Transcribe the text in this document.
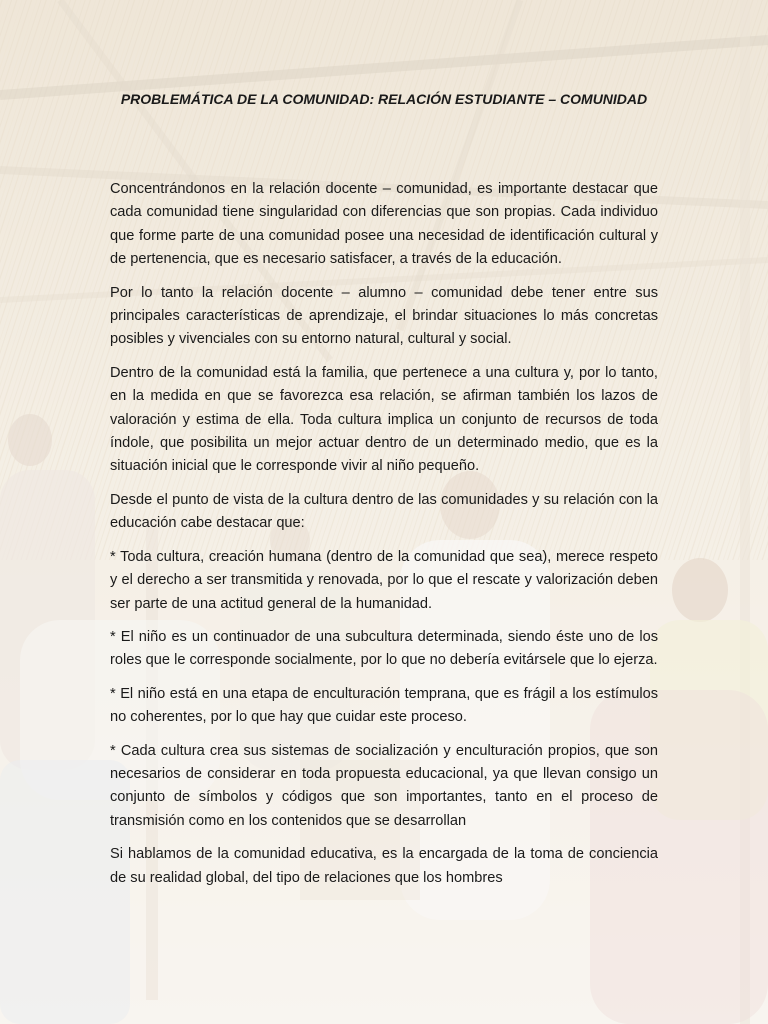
PROBLEMÁTICA DE LA COMUNIDAD: RELACIÓN ESTUDIANTE – COMUNIDAD

Concentrándonos en la relación docente – comunidad, es importante destacar que cada comunidad tiene singularidad con diferencias que son propias. Cada individuo que forme parte de una comunidad posee una necesidad de identificación cultural y de pertenencia, que es necesario satisfacer, a través de la educación.

Por lo tanto la relación docente – alumno – comunidad debe tener entre sus principales características de aprendizaje, el brindar situaciones lo más concretas posibles y vivenciales con su entorno natural, cultural y social.

Dentro de la comunidad está la familia, que pertenece a una cultura y, por lo tanto, en la medida en que se favorezca esa relación, se afirman también los lazos de valoración y estima de ella. Toda cultura implica un conjunto de recursos de toda índole, que posibilita un mejor actuar dentro de un determinado medio, que es la situación inicial que le corresponde vivir al niño pequeño.

Desde el punto de vista de la cultura dentro de las comunidades y su relación con la educación cabe destacar que:

* Toda cultura, creación humana (dentro de la comunidad que sea), merece respeto y el derecho a ser transmitida y renovada, por lo que el rescate y valorización deben ser parte de una actitud general de la humanidad.

* El niño es un continuador de una subcultura determinada, siendo éste uno de los roles que le corresponde socialmente, por lo que no debería evitársele que lo ejerza.

* El niño está en una etapa de enculturación temprana, que es frágil a los estímulos no coherentes, por lo que hay que cuidar este proceso.

* Cada cultura crea sus sistemas de socialización y enculturación propios, que son necesarios de considerar en toda propuesta educacional, ya que llevan consigo un conjunto de símbolos y códigos que son importantes, tanto en el proceso de transmisión como en los contenidos que se desarrollan

Si hablamos de la comunidad educativa, es la encargada de la toma de conciencia de su realidad global, del tipo de relaciones que los hombres
